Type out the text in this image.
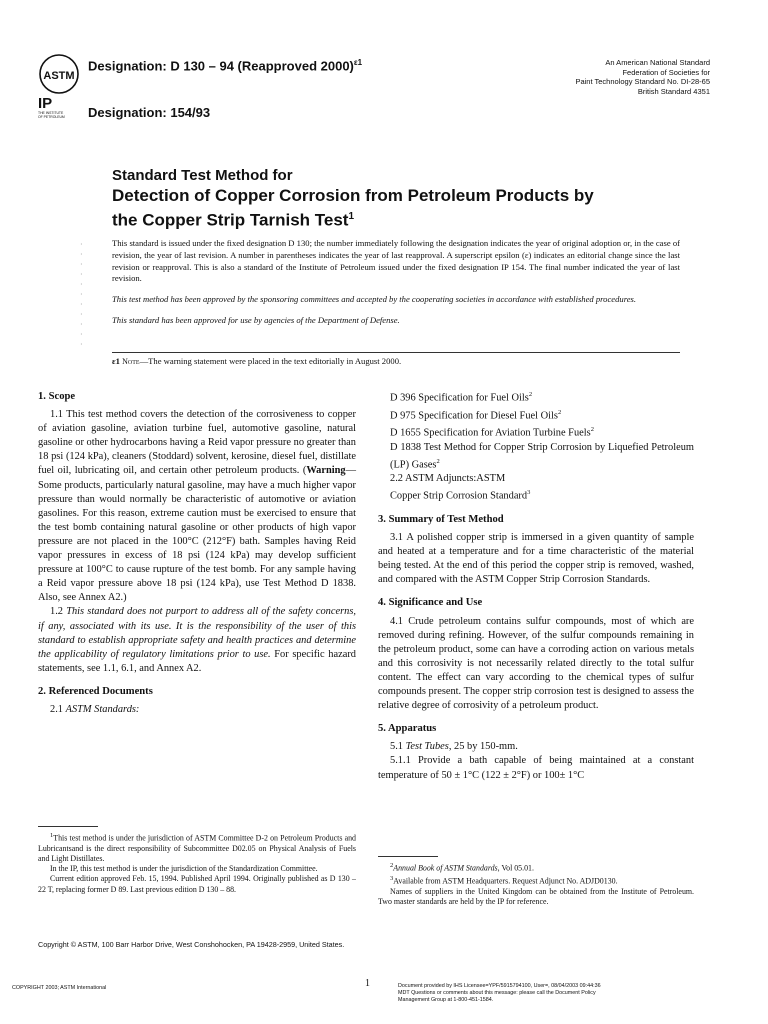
ASTM
IP
THE INSTITUTE OF PETROLEUM
Designation: D 130 – 94 (Reapproved 2000)$^{\varepsilon 1}$
Designation: 154/93
An American National Standard
Federation of Societies for
Paint Technology Standard No. DI-28-65
British Standard 4351
Standard Test Method for
Detection of Copper Corrosion from Petroleum Products by
the Copper Strip Tarnish Test$^1$
·
·
·
·
·
·
·
·
·
·
·

This standard is issued under the fixed designation D 130; the number immediately following the designation indicates the year of original adoption or, in the case of revision, the year of last revision. A number in parentheses indicates the year of last reapproval. A superscript epsilon (ε) indicates an editorial change since the last revision or reapproval. This is also a standard of the Institute of Petroleum issued under the fixed designation IP 154. The final number indicated the year of last revision.

This test method has been approved by the sponsoring committees and accepted by the cooperating societies in accordance with established procedures.

This standard has been approved for use by agencies of the Department of Defense.

ε1 Note—The warning statement were placed in the text editorially in August 2000.
1. Scope

1.1 This test method covers the detection of the corrosiveness to copper of aviation gasoline, aviation turbine fuel, automotive gasoline, natural gasoline or other hydrocarbons having a Reid vapor pressure no greater than 18 psi (124 kPa), cleaners (Stoddard) solvent, kerosine, diesel fuel, distillate fuel oil, lubricating oil, and certain other petroleum products. (Warning—Some products, particularly natural gasoline, may have a much higher vapor pressure than would normally be characteristic of automotive or aviation gasolines. For this reason, extreme caution must be exercised to ensure that the test bomb containing natural gasoline or other products of high vapor pressure are not placed in the 100°C (212°F) bath. Samples having Reid vapor pressures in excess of 18 psi (124 kPa) may develop sufficient pressure at 100°C to cause rupture of the test bomb. For any sample having a Reid vapor pressure above 18 psi (124 kPa), use Test Method D 1838. Also, see Annex A2.)

1.2 This standard does not purport to address all of the safety concerns, if any, associated with its use. It is the responsibility of the user of this standard to establish appropriate safety and health practices and determine the applicability of regulatory limitations prior to use. For specific hazard statements, see 1.1, 6.1, and Annex A2.

2. Referenced Documents

2.1 ASTM Standards:

$^1$This test method is under the jurisdiction of ASTM Committee D-2 on Petroleum Products and Lubricantsand is the direct responsibility of Subcommittee D02.05 on Physical Analysis of Fuels and Light Distillates.

In the IP, this test method is under the jurisdiction of the Standardization Committee.

Current edition approved Feb. 15, 1994. Published April 1994. Originally published as D 130 – 22 T, replacing former D 89. Last previous edition D 130 – 88.

D 396 Specification for Fuel Oils$^2$

D 975 Specification for Diesel Fuel Oils$^2$

D 1655 Specification for Aviation Turbine Fuels$^2$

D 1838 Test Method for Copper Strip Corrosion by Liquefied Petroleum (LP) Gases$^2$

2.2 ASTM Adjuncts:ASTM

Copper Strip Corrosion Standard$^3$

3. Summary of Test Method

3.1 A polished copper strip is immersed in a given quantity of sample and heated at a temperature and for a time characteristic of the material being tested. At the end of this period the copper strip is removed, washed, and compared with the ASTM Copper Strip Corrosion Standards.

4. Significance and Use

4.1 Crude petroleum contains sulfur compounds, most of which are removed during refining. However, of the sulfur compounds remaining in the petroleum product, some can have a corroding action on various metals and this corrosivity is not necessarily related directly to the total sulfur content. The effect can vary according to the chemical types of sulfur compounds present. The copper strip corrosion test is designed to assess the relative degree of corrosivity of a petroleum product.

5. Apparatus

5.1 Test Tubes, 25 by 150-mm.

5.1.1 Provide a bath capable of being maintained at a constant temperature of 50 ± 1°C (122 ± 2°F) or 100± 1°C

$^2$Annual Book of ASTM Standards, Vol 05.01.

$^3$Available from ASTM Headquarters. Request Adjunct No. ADJD0130.

Names of suppliers in the United Kingdom can be obtained from the Institute of Petroleum. Two master standards are held by the IP for reference.

Copyright © ASTM, 100 Barr Harbor Drive, West Conshohocken, PA 19428-2959, United States.
1
COPYRIGHT 2003; ASTM International	Document provided by IHS Licensee=YPF/5915794100, User=, 08/04/2003 09:44:36
MDT Questions or comments about this message: please call the Document Policy
Management Group at 1-800-451-1584.
